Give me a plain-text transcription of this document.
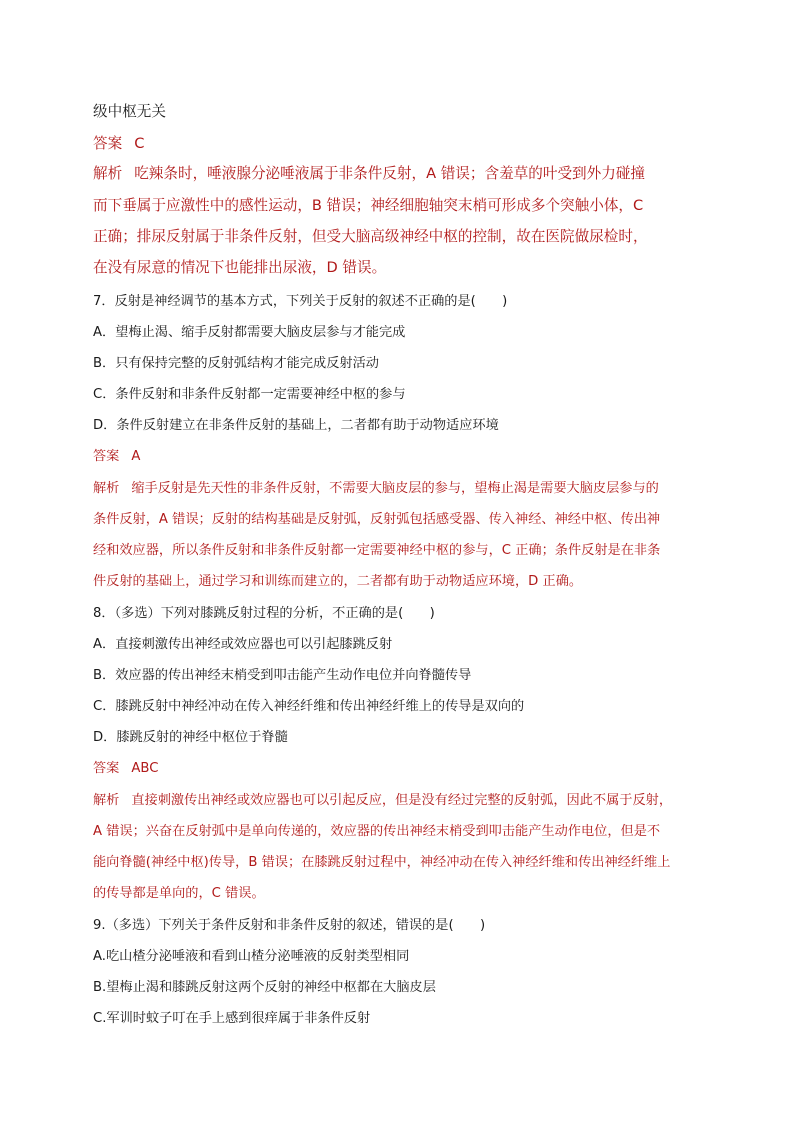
级中枢无关
答案 C
解析 吃辣条时，唾液腺分泌唾液属于非条件反射，A 错误；含羞草的叶受到外力碰撞
而下垂属于应激性中的感性运动，B 错误；神经细胞轴突末梢可形成多个突触小体，C
正确；排尿反射属于非条件反射，但受大脑高级神经中枢的控制，故在医院做尿检时，
在没有尿意的情况下也能排出尿液，D 错误。
7．反射是神经调节的基本方式，下列关于反射的叙述不正确的是(　　)
A．望梅止渴、缩手反射都需要大脑皮层参与才能完成
B．只有保持完整的反射弧结构才能完成反射活动
C．条件反射和非条件反射都一定需要神经中枢的参与
D．条件反射建立在非条件反射的基础上，二者都有助于动物适应环境
答案 A
解析 缩手反射是先天性的非条件反射，不需要大脑皮层的参与，望梅止渴是需要大脑皮层参与的
条件反射，A 错误；反射的结构基础是反射弧，反射弧包括感受器、传入神经、神经中枢、传出神
经和效应器，所以条件反射和非条件反射都一定需要神经中枢的参与，C 正确；条件反射是在非条
件反射的基础上，通过学习和训练而建立的，二者都有助于动物适应环境，D 正确。
8．（多选）下列对膝跳反射过程的分析，不正确的是(　　)
A．直接刺激传出神经或效应器也可以引起膝跳反射
B．效应器的传出神经末梢受到叩击能产生动作电位并向脊髓传导
C．膝跳反射中神经冲动在传入神经纤维和传出神经纤维上的传导是双向的
D．膝跳反射的神经中枢位于脊髓
答案 ABC
解析 直接刺激传出神经或效应器也可以引起反应，但是没有经过完整的反射弧，因此不属于反射，
A 错误；兴奋在反射弧中是单向传递的，效应器的传出神经末梢受到叩击能产生动作电位，但是不
能向脊髓(神经中枢)传导，B 错误；在膝跳反射过程中，神经冲动在传入神经纤维和传出神经纤维上
的传导都是单向的，C 错误。
9.（多选）下列关于条件反射和非条件反射的叙述，错误的是(　　)
A.吃山楂分泌唾液和看到山楂分泌唾液的反射类型相同
B.望梅止渴和膝跳反射这两个反射的神经中枢都在大脑皮层
C.军训时蚊子叮在手上感到很痒属于非条件反射
